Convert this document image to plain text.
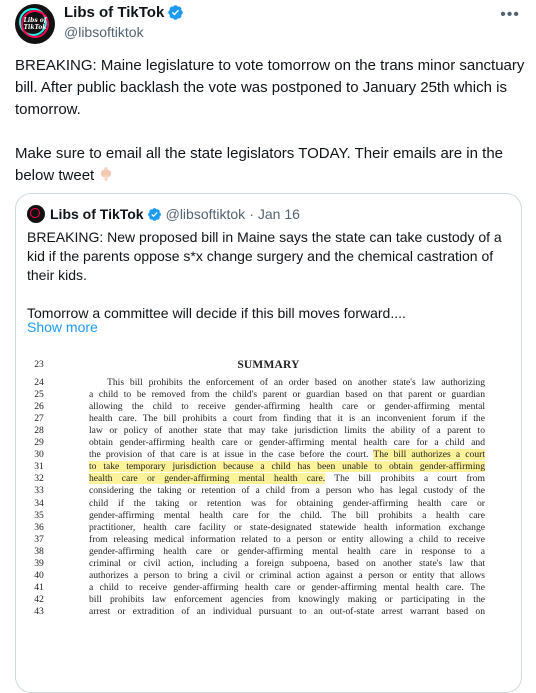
Libs of
TikTok
Libs of TikTok
@libsoftiktok
•••

BREAKING: Maine legislature to vote tomorrow on the trans minor sanctuary bill. After public backlash the vote was postponed to January 25th which is tomorrow.

Make sure to email all the state legislators TODAY. Their emails are in the below tweet

Libs of TikTok @libsoftiktok · Jan 16

BREAKING: New proposed bill in Maine says the state can take custody of a kid if the parents oppose s*x change surgery and the chemical castration of their kids.

Tomorrow a committee will decide if this bill moves forward....

Show more
23	SUMMARY
24	This bill prohibits the enforcement of an order based on another state's law authorizing
25	a child to be removed from the child's parent or guardian based on that parent or guardian
26	allowing the child to receive gender-affirming health care or gender-affirming mental
27	health care. The bill prohibits a court from finding that it is an inconvenient forum if the
28	law or policy of another state that may take jurisdiction limits the ability of a parent to
29	obtain gender-affirming health care or gender-affirming mental health care for a child and
30	the provision of that care is at issue in the case before the court. The bill authorizes a court
31	to take temporary jurisdiction because a child has been unable to obtain gender-affirming
32	health care or gender-affirming mental health care. The bill prohibits a court from
33	considering the taking or retention of a child from a person who has legal custody of the
34	child if the taking or retention was for obtaining gender-affirming health care or
35	gender-affirming mental health care for the child. The bill prohibits a health care
36	practitioner, health care facility or state-designated statewide health information exchange
37	from releasing medical information related to a person or entity allowing a child to receive
38	gender-affirming health care or gender-affirming mental health care in response to a
39	criminal or civil action, including a foreign subpoena, based on another state's law that
40	authorizes a person to bring a civil or criminal action against a person or entity that allows
41	a child to receive gender-affirming health care or gender-affirming mental health care. The
42	bill prohibits law enforcement agencies from knowingly making or participating in the
43	arrest or extradition of an individual pursuant to an out-of-state arrest warrant based on
